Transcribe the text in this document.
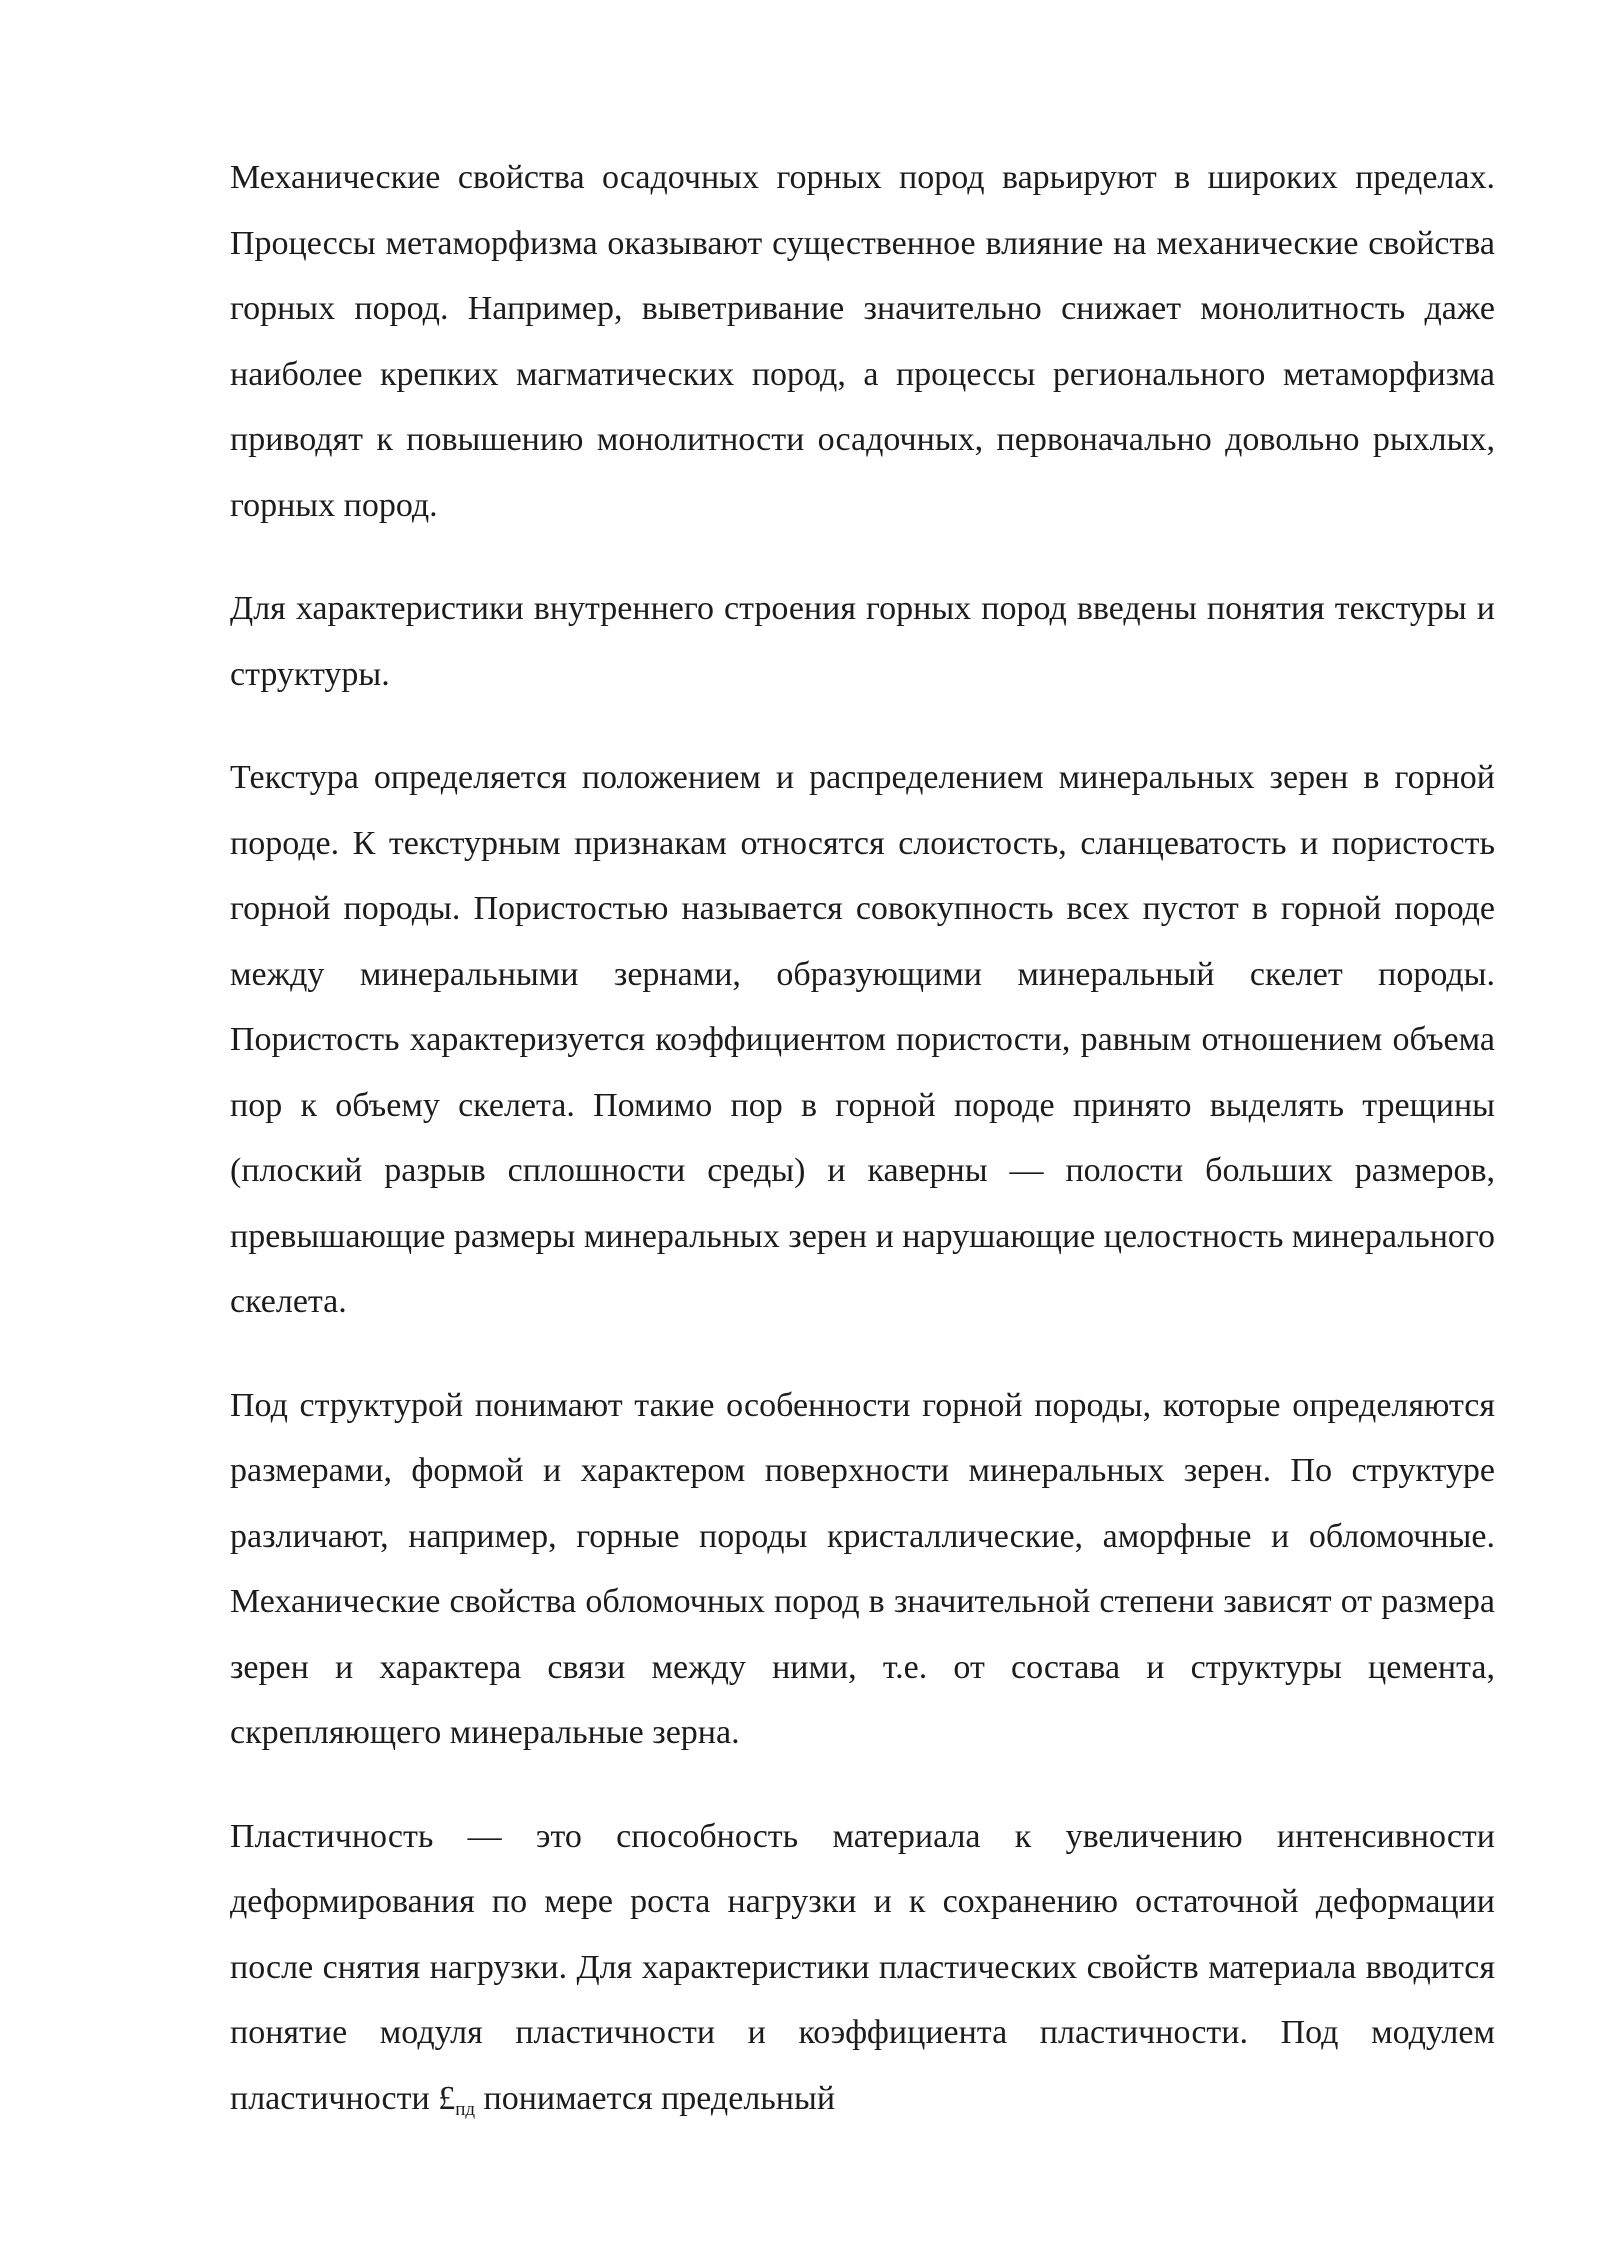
Механические свойства осадочных горных пород варьируют в широких пределах. Процессы метаморфизма оказывают существенное влияние на механические свойства горных пород. Например, выветривание значительно снижает монолитность даже наиболее крепких магматических пород, а процессы регионального метаморфизма приводят к повышению монолитности осадочных, первоначально довольно рыхлых, горных пород.

Для характеристики внутреннего строения горных пород введены понятия текстуры и структуры.

Текстура определяется положением и распределением минеральных зерен в горной породе. К текстурным признакам относятся слоистость, сланцеватость и пористость горной породы. Пористостью называется совокупность всех пустот в горной породе между минеральными зернами, образующими минеральный скелет породы. Пористость характеризуется коэффициентом пористости, равным отношением объема пор к объему скелета. Помимо пор в горной породе принято выделять трещины (плоский разрыв сплошности среды) и каверны — полости больших размеров, превышающие размеры минеральных зерен и нарушающие целостность минерального скелета.

Под структурой понимают такие особенности горной породы, которые определяются размерами, формой и характером поверхности минеральных зерен. По структуре различают, например, горные породы кристаллические, аморфные и обломочные. Механические свойства обломочных пород в значительной степени зависят от размера зерен и характера связи между ними, т.е. от состава и структуры цемента, скрепляющего минеральные зерна.

Пластичность — это способность материала к увеличению интенсивности деформирования по мере роста нагрузки и к сохранению остаточной деформации после снятия нагрузки. Для характеристики пластических свойств материала вводится понятие модуля пластичности и коэффициента пластичности. Под модулем пластичности $£_{пд}$ понимается предельный
